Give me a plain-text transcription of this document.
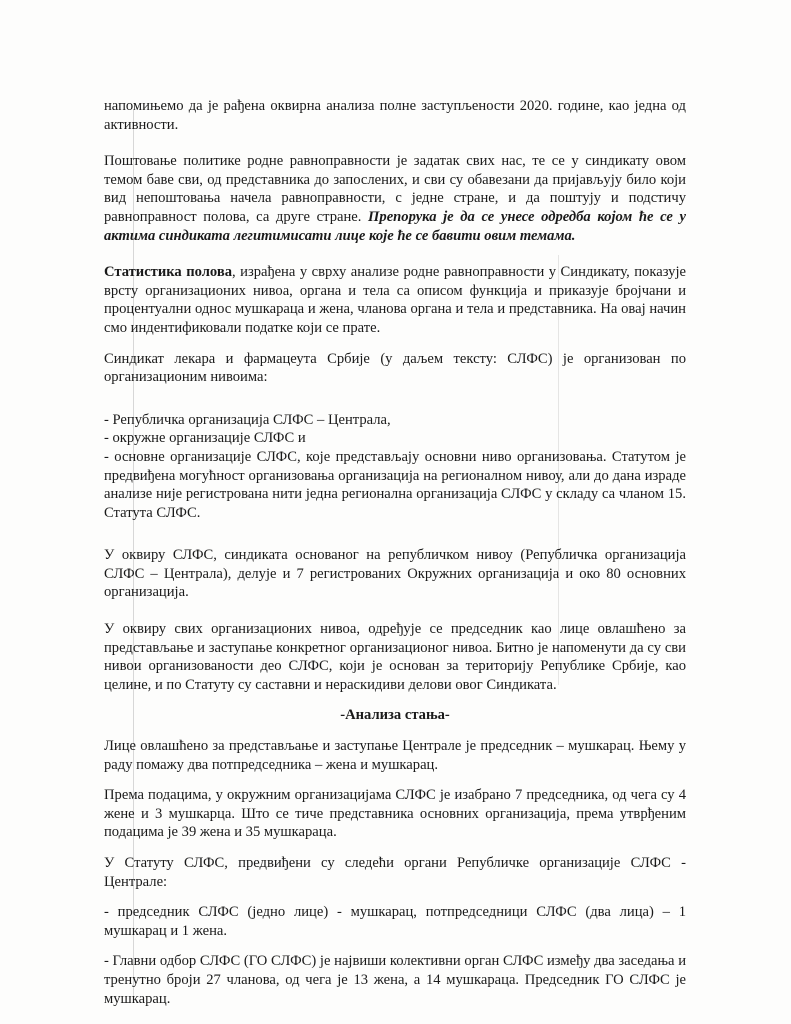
напомињемо да је рађена оквирна анализа полне заступљености 2020. године, као једна од активности.

Поштовање политике родне равноправности је задатак свих нас, те се у синдикату овом темом баве сви, од представника до запослених, и сви су обавезани да пријављују било који вид непоштовања начела равноправности, с једне стране, и да поштују и подстичу равноправност полова, са друге стране. Препорука је да се унесе одредба којом ће се у актима синдиката легитимисати лице које ће се бавити овим темама.

Статистика полова, израђена у сврху анализе родне равноправности у Синдикату, показује врсту организационих нивоа, органа и тела са описом функција и приказује бројчани и процентуални однос мушкараца и жена, чланова органа и тела и представника. На овај начин смо индентификовали податке који се прате.

Синдикат лекара и фармацеута Србије (у даљем тексту: СЛФС) је организован по организационим нивоима:

- Републичка организација СЛФС – Централа,

- окружне организације СЛФС и

- основне организације СЛФС, које представљају основни ниво организовања. Статутом је предвиђена могућност организовања организација на регионалном нивоу, али до дана израде анализе није регистрована нити једна регионална организација СЛФС у складу са чланом 15. Статута СЛФС.

У оквиру СЛФС, синдиката основаног на републичком нивоу (Републичка организација СЛФС – Централа), делује и 7 регистрованих Окружних организација и око 80 основних организација.

У оквиру свих организационих нивоа, одређује се председник као лице овлашћено за представљање и заступање конкретног организационог нивоа. Битно је напоменути да су сви нивои организованости део СЛФС, који је основан за територију Републике Србије, као целине, и по Статуту су саставни и нераскидиви делови овог Синдиката.

-Анализа стања-

Лице овлашћено за представљање и заступање Централе је председник – мушкарац. Њему у раду помажу два потпредседника – жена и мушкарац.

Према подацима, у окружним организацијама СЛФС је изабрано 7 председника, од чега су 4 жене и 3 мушкарца. Што се тиче представника основних организација, према утврђеним подацима је 39 жена и 35 мушкараца.

У Статуту СЛФС, предвиђени су следећи органи Републичке организације СЛФС - Централе:

- председник СЛФС (једно лице) - мушкарац, потпредседници СЛФС (два лица) – 1 мушкарац и 1 жена.

- Главни одбор СЛФС (ГО СЛФС) је највиши колективни орган СЛФС између два заседања и тренутно броји 27 чланова, од чега је 13 жена, а 14 мушкараца. Председник ГО СЛФС је мушкарац.
